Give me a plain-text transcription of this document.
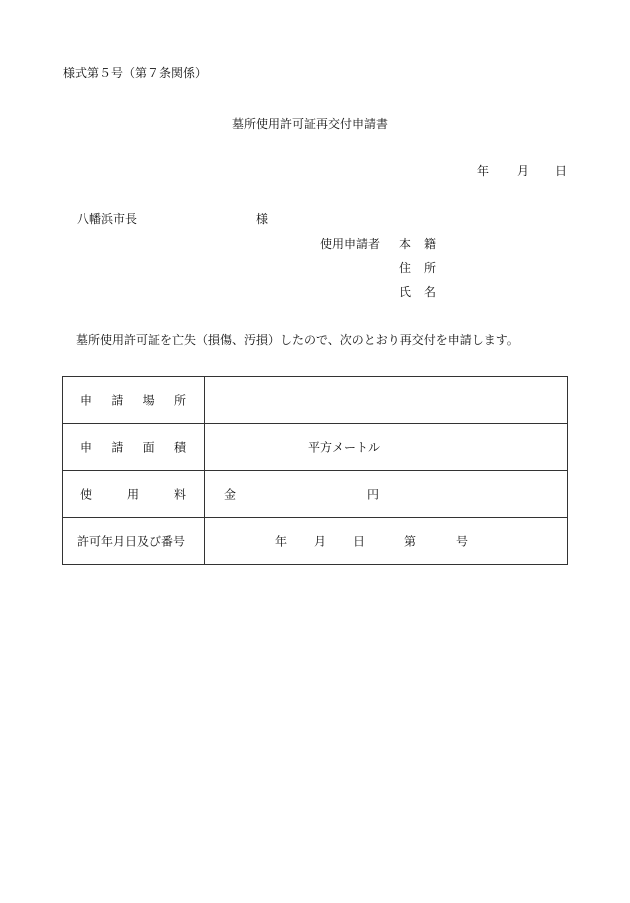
様式第５号（第７条関係）
墓所使用許可証再交付申請書
年 月 日
八幡浜市長	様
使用申請者 本 籍
住 所
氏 名
墓所使用許可証を亡失（損傷、汚損）したので、次のとおり再交付を申請します。
申 請 場 所	

申 請 面 積	平方メートル

使 用 料	金 円

許可年月日及び番号	年 月 日 第 号
